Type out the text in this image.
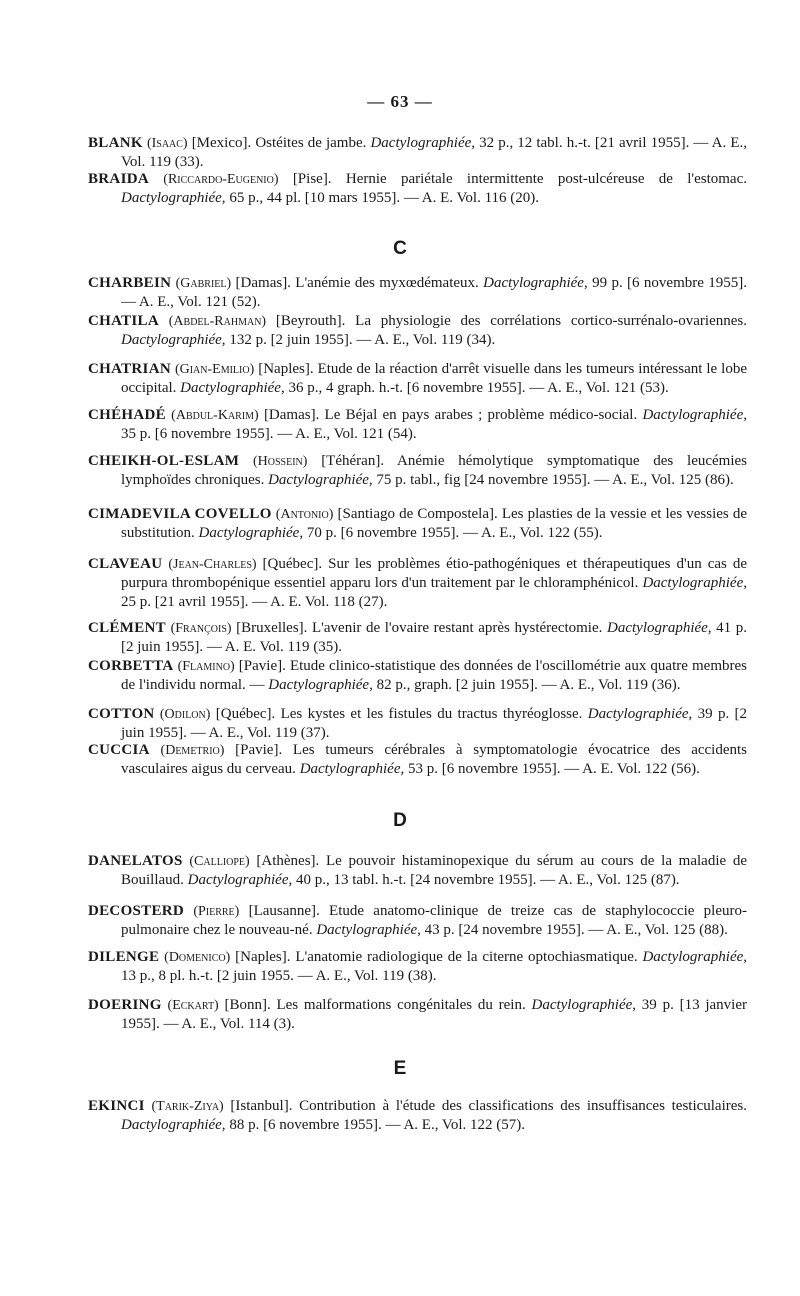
— 63 —
BLANK (Isaac) [Mexico]. Ostéites de jambe. Dactylographiée, 32 p., 12 tabl. h.-t. [21 avril 1955]. — A. E., Vol. 119 (33).
BRAIDA (Riccardo-Eugenio) [Pise]. Hernie pariétale intermittente post-ulcéreuse de l'estomac. Dactylographiée, 65 p., 44 pl. [10 mars 1955]. — A. E. Vol. 116 (20).
C
CHARBEIN (Gabriel) [Damas]. L'anémie des myxœdémateux. Dactylographiée, 99 p. [6 novembre 1955]. — A. E., Vol. 121 (52).
CHATILA (Abdel-Rahman) [Beyrouth]. La physiologie des corrélations cortico-surrénalo-ovariennes. Dactylographiée, 132 p. [2 juin 1955]. — A. E., Vol. 119 (34).
CHATRIAN (Gian-Emilio) [Naples]. Etude de la réaction d'arrêt visuelle dans les tumeurs intéressant le lobe occipital. Dactylographiée, 36 p., 4 graph. h.-t. [6 novembre 1955]. — A. E., Vol. 121 (53).
CHÉHADÉ (Abdul-Karim) [Damas]. Le Béjal en pays arabes ; problème médico-social. Dactylographiée, 35 p. [6 novembre 1955]. — A. E., Vol. 121 (54).
CHEIKH-OL-ESLAM (Hossein) [Téhéran]. Anémie hémolytique symptomatique des leucémies lymphoïdes chroniques. Dactylographiée, 75 p. tabl., fig [24 novembre 1955]. — A. E., Vol. 125 (86).
CIMADEVILA COVELLO (Antonio) [Santiago de Compostela]. Les plasties de la vessie et les vessies de substitution. Dactylographiée, 70 p. [6 novembre 1955]. — A. E., Vol. 122 (55).
CLAVEAU (Jean-Charles) [Québec]. Sur les problèmes étio-pathogéniques et thérapeutiques d'un cas de purpura thrombopénique essentiel apparu lors d'un traitement par le chloramphénicol. Dactylographiée, 25 p. [21 avril 1955]. — A. E. Vol. 118 (27).
CLÉMENT (François) [Bruxelles]. L'avenir de l'ovaire restant après hystérectomie. Dactylographiée, 41 p. [2 juin 1955]. — A. E. Vol. 119 (35).
CORBETTA (Flamino) [Pavie]. Etude clinico-statistique des données de l'oscillométrie aux quatre membres de l'individu normal. — Dactylographiée, 82 p., graph. [2 juin 1955]. — A. E., Vol. 119 (36).
COTTON (Odilon) [Québec]. Les kystes et les fistules du tractus thyréoglosse. Dactylographiée, 39 p. [2 juin 1955]. — A. E., Vol. 119 (37).
CUCCIA (Demetrio) [Pavie]. Les tumeurs cérébrales à symptomatologie évocatrice des accidents vasculaires aigus du cerveau. Dactylographiée, 53 p. [6 novembre 1955]. — A. E. Vol. 122 (56).
D
DANELATOS (Calliope) [Athènes]. Le pouvoir histaminopexique du sérum au cours de la maladie de Bouillaud. Dactylographiée, 40 p., 13 tabl. h.-t. [24 novembre 1955]. — A. E., Vol. 125 (87).
DECOSTERD (Pierre) [Lausanne]. Etude anatomo-clinique de treize cas de staphylococcie pleuro-pulmonaire chez le nouveau-né. Dactylographiée, 43 p. [24 novembre 1955]. — A. E., Vol. 125 (88).
DILENGE (Domenico) [Naples]. L'anatomie radiologique de la citerne optochiasmatique. Dactylographiée, 13 p., 8 pl. h.-t. [2 juin 1955. — A. E., Vol. 119 (38).
DOERING (Eckart) [Bonn]. Les malformations congénitales du rein. Dactylographiée, 39 p. [13 janvier 1955]. — A. E., Vol. 114 (3).
E
EKINCI (Tarik-Ziya) [Istanbul]. Contribution à l'étude des classifications des insuffisances testiculaires. Dactylographiée, 88 p. [6 novembre 1955]. — A. E., Vol. 122 (57).
